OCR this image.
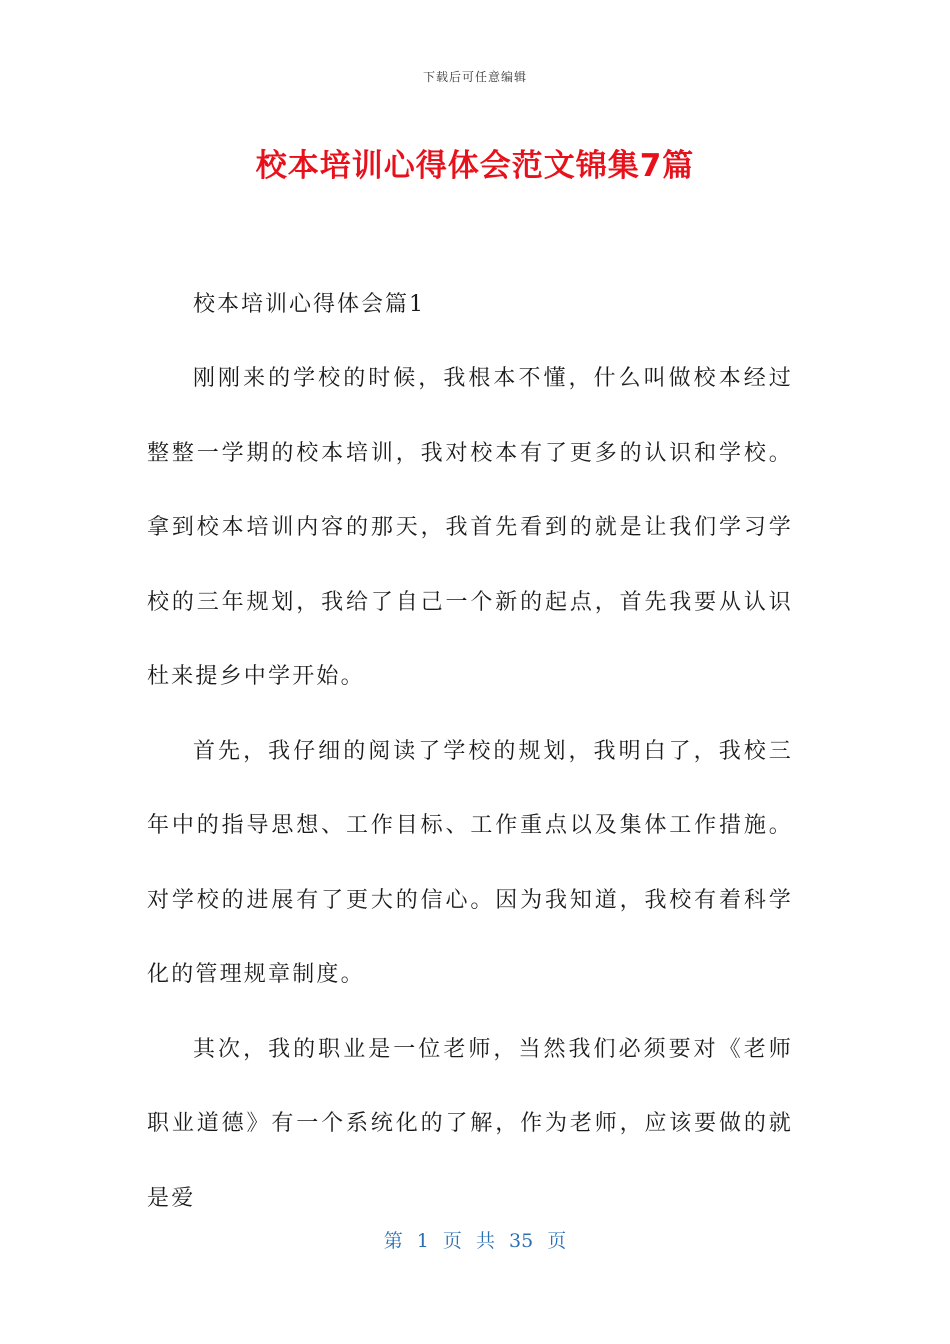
下载后可任意编辑
校本培训心得体会范文锦集7篇

校本培训心得体会篇1

刚刚来的学校的时候，我根本不懂，什么叫做校本经过整整一学期的校本培训，我对校本有了更多的认识和学校。拿到校本培训内容的那天，我首先看到的就是让我们学习学校的三年规划，我给了自己一个新的起点，首先我要从认识杜来提乡中学开始。

首先，我仔细的阅读了学校的规划，我明白了，我校三年中的指导思想、工作目标、工作重点以及集体工作措施。对学校的进展有了更大的信心。因为我知道，我校有着科学化的管理规章制度。

其次，我的职业是一位老师，当然我们必须要对《老师职业道德》有一个系统化的了解，作为老师，应该要做的就是爱

第 1 页 共 35 页
